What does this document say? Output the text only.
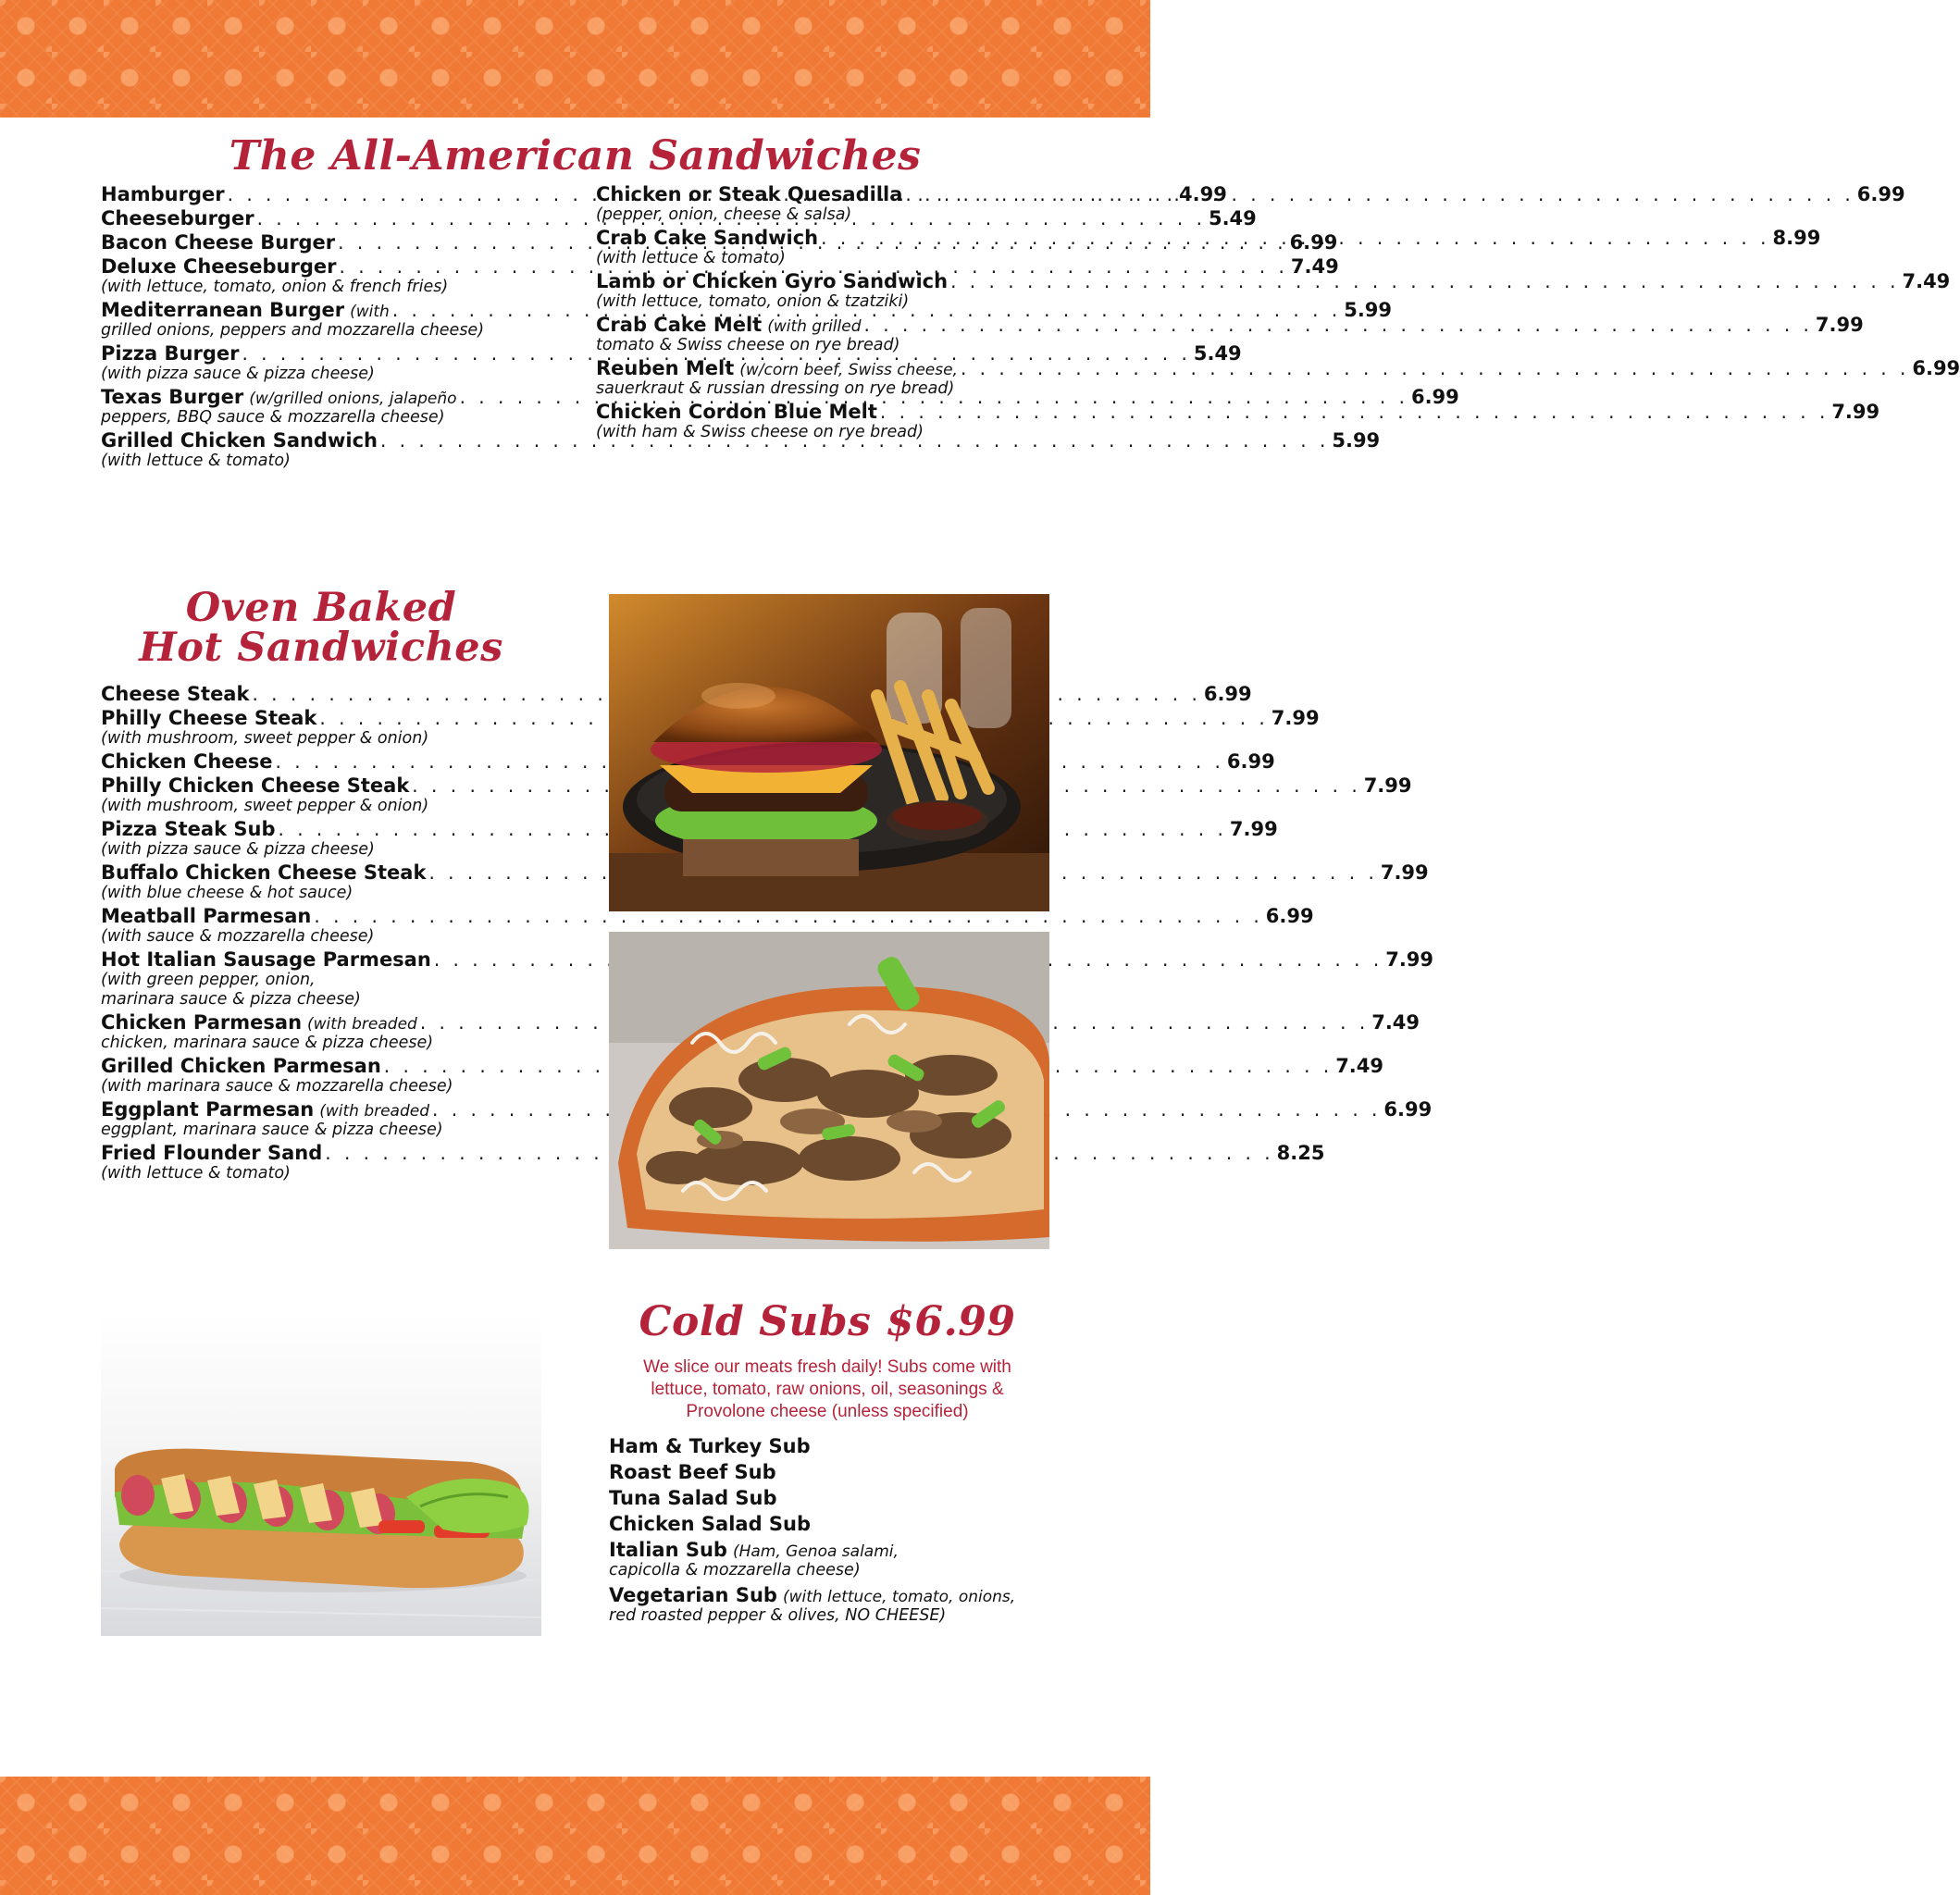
The All-American Sandwiches
Hamburger . . .	4.99
Cheeseburger . . .	5.49
Bacon Cheese Burger . . .	6.99
Deluxe Cheeseburger . . .	7.49
(with lettuce, tomato, onion & french fries)
Mediterranean Burger (with . . .	5.99
grilled onions, peppers and mozzarella cheese)
Pizza Burger . . .	5.49
(with pizza sauce & pizza cheese)
Texas Burger (w/grilled onions, jalapeño . . .	6.99
peppers, BBQ sauce & mozzarella cheese)
Grilled Chicken Sandwich . . .	5.99
(with lettuce & tomato)
Chicken or Steak Quesadilla . . .	6.99
(pepper, onion, cheese & salsa)
Crab Cake Sandwich . . .	8.99
(with lettuce & tomato)
Lamb or Chicken Gyro Sandwich . . .	7.49
(with lettuce, tomato, onion & tzatziki)
Crab Cake Melt (with grilled . . .	7.99
tomato & Swiss cheese on rye bread)
Reuben Melt (w/corn beef, Swiss cheese, . . .	6.99
sauerkraut & russian dressing on rye bread)
Chicken Cordon Blue Melt . . .	7.99
(with ham & Swiss cheese on rye bread)
Oven Baked
Hot Sandwiches
Cheese Steak . . .	6.99
Philly Cheese Steak . . .	7.99
(with mushroom, sweet pepper & onion)
Chicken Cheese . . .	6.99
Philly Chicken Cheese Steak . . .	7.99
(with mushroom, sweet pepper & onion)
Pizza Steak Sub . . .	7.99
(with pizza sauce & pizza cheese)
Buffalo Chicken Cheese Steak . . .	7.99
(with blue cheese & hot sauce)
Meatball Parmesan . . .	6.99
(with sauce & mozzarella cheese)
Hot Italian Sausage Parmesan . . .	7.99
(with green pepper, onion,
marinara sauce & pizza cheese)
Chicken Parmesan (with breaded . . .	7.49
chicken, marinara sauce & pizza cheese)
Grilled Chicken Parmesan . . .	7.49
(with marinara sauce & mozzarella cheese)
Eggplant Parmesan (with breaded . . .	6.99
eggplant, marinara sauce & pizza cheese)
Fried Flounder Sand . . .	8.25
(with lettuce & tomato)
Cold Subs $6.99

We slice our meats fresh daily! Subs come with
lettuce, tomato, raw onions, oil, seasonings &
Provolone cheese (unless specified)

Ham & Turkey Sub
Roast Beef Sub
Tuna Salad Sub
Chicken Salad Sub
Italian Sub (Ham, Genoa salami,
capicolla & mozzarella cheese)
Vegetarian Sub (with lettuce, tomato, onions,
red roasted pepper & olives, NO CHEESE)
